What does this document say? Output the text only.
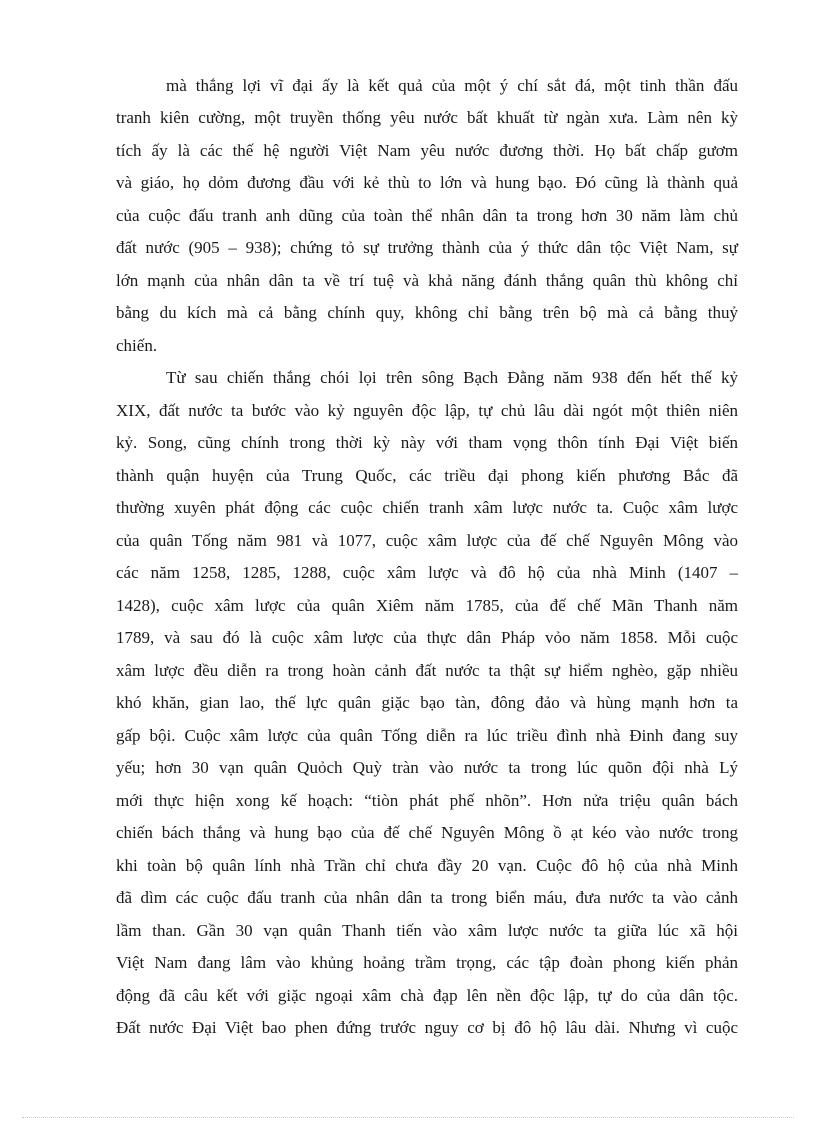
mà thắng lợi vĩ đại ấy là kết quả của một ý chí sắt đá, một tinh thần đấu
tranh kiên cường, một truyền thống yêu nước bất khuất từ ngàn xưa. Làm nên kỳ
tích ấy là các thế hệ người Việt Nam yêu nước đương thời. Họ bất chấp gươm
và giáo, họ dỏm đương đầu với kẻ thù to lớn và hung bạo. Đó cũng là thành quả
của cuộc đấu tranh anh dũng của toàn thể nhân dân ta trong hơn 30 năm làm chủ
đất nước (905 – 938); chứng tỏ sự trưởng thành của ý thức dân tộc Việt Nam, sự
lớn mạnh của nhân dân ta về trí tuệ và khả năng đánh thắng quân thù không chỉ
bằng du kích mà cả bằng chính quy, không chỉ bằng trên bộ mà cả bằng thuỷ
chiến.
Từ sau chiến thắng chói lọi trên sông Bạch Đằng năm 938 đến hết thế kỷ
XIX, đất nước ta bước vào kỷ nguyên độc lập, tự chủ lâu dài ngót một thiên niên
kỷ. Song, cũng chính trong thời kỳ này với tham vọng thôn tính Đại Việt biến
thành quận huyện của Trung Quốc, các triều đại phong kiến phương Bắc đã
thường xuyên phát động các cuộc chiến tranh xâm lược nước ta. Cuộc xâm lược
của quân Tống năm 981 và 1077, cuộc xâm lược của đế chế Nguyên Mông vào
các năm 1258, 1285, 1288, cuộc xâm lược và đô hộ của nhà Minh (1407 –
1428), cuộc xâm lược của quân Xiêm năm 1785, của đế chế Mãn Thanh năm
1789, và sau đó là cuộc xâm lược của thực dân Pháp vỏo năm 1858. Mỗi cuộc
xâm lược đều diễn ra trong hoàn cảnh đất nước ta thật sự hiểm nghèo, gặp nhiều
khó khăn, gian lao, thế lực quân giặc bạo tàn, đông đảo và hùng mạnh hơn ta
gấp bội. Cuộc xâm lược của quân Tống diễn ra lúc triều đình nhà Đinh đang suy
yếu; hơn 30 vạn quân Quỏch Quỳ tràn vào nước ta trong lúc quõn đội nhà Lý
mới thực hiện xong kế hoạch: “tiòn phát phế nhõn”. Hơn nửa triệu quân bách
chiến bách thắng và hung bạo của đế chế Nguyên Mông ồ ạt kéo vào nước trong
khi toàn bộ quân lính nhà Trần chỉ chưa đầy 20 vạn. Cuộc đô hộ của nhà Minh
đã dìm các cuộc đấu tranh của nhân dân ta trong biển máu, đưa nước ta vào cảnh
lầm than. Gần 30 vạn quân Thanh tiến vào xâm lược nước ta giữa lúc xã hội
Việt Nam đang lâm vào khủng hoảng trầm trọng, các tập đoàn phong kiến phản
động đã câu kết với giặc ngoại xâm chà đạp lên nền độc lập, tự do của dân tộc.
Đất nước Đại Việt bao phen đứng trước nguy cơ bị đô hộ lâu dài. Nhưng vì cuộc
